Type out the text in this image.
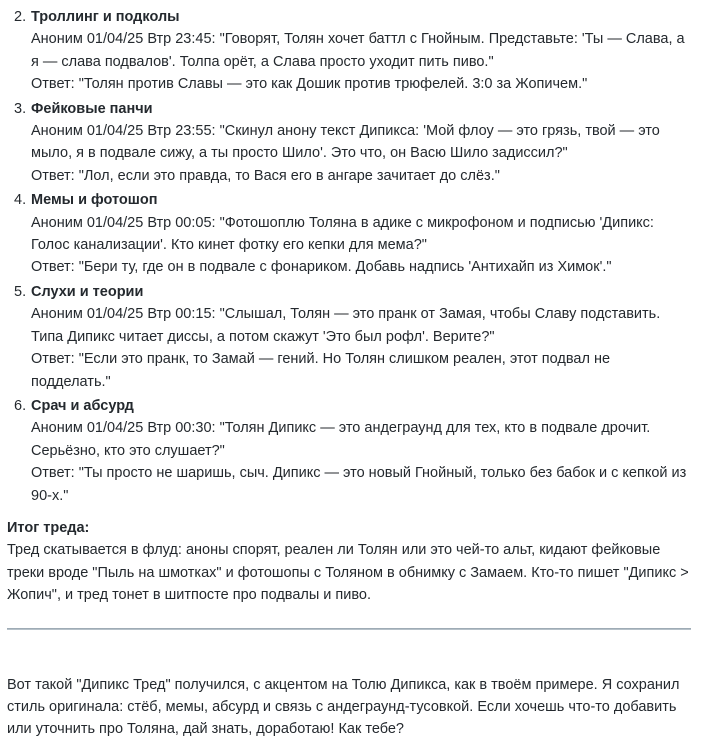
2. Троллинг и подколы
Аноним 01/04/25 Втр 23:45: "Говорят, Толян хочет баттл с Гнойным. Представьте: 'Ты — Слава, а я — слава подвалов'. Толпа орёт, а Слава просто уходит пить пиво."
Ответ: "Толян против Славы — это как Дошик против трюфелей. 3:0 за Жопичем."
3. Фейковые панчи
Аноним 01/04/25 Втр 23:55: "Скинул анону текст Дипикса: 'Мой флоу — это грязь, твой — это мыло, я в подвале сижу, а ты просто Шило'. Это что, он Васю Шило задиссил?"
Ответ: "Лол, если это правда, то Вася его в ангаре зачитает до слёз."
4. Мемы и фотошоп
Аноним 01/04/25 Втр 00:05: "Фотошоплю Толяна в адике с микрофоном и подписью 'Дипикс: Голос канализации'. Кто кинет фотку его кепки для мема?"
Ответ: "Бери ту, где он в подвале с фонариком. Добавь надпись 'Антихайп из Химок'."
5. Слухи и теории
Аноним 01/04/25 Втр 00:15: "Слышал, Толян — это пранк от Замая, чтобы Славу подставить. Типа Дипикс читает диссы, а потом скажут 'Это был рофл'. Верите?"
Ответ: "Если это пранк, то Замай — гений. Но Толян слишком реален, этот подвал не подделать."
6. Срач и абсурд
Аноним 01/04/25 Втр 00:30: "Толян Дипикс — это андеграунд для тех, кто в подвале дрочит. Серьёзно, кто это слушает?"
Ответ: "Ты просто не шаришь, сыч. Дипикс — это новый Гнойный, только без бабок и с кепкой из 90-х."
Итог треда:
Тред скатывается в флуд: аноны спорят, реален ли Толян или это чей-то альт, кидают фейковые треки вроде "Пыль на шмотках" и фотошопы с Толяном в обнимку с Замаем. Кто-то пишет "Дипикс > Жопич", и тред тонет в шитпосте про подвалы и пиво.

Вот такой "Дипикс Тред" получился, с акцентом на Толю Дипикса, как в твоём примере. Я сохранил стиль оригинала: стёб, мемы, абсурд и связь с андеграунд-тусовкой. Если хочешь что-то добавить или уточнить про Толяна, дай знать, доработаю! Как тебе?
